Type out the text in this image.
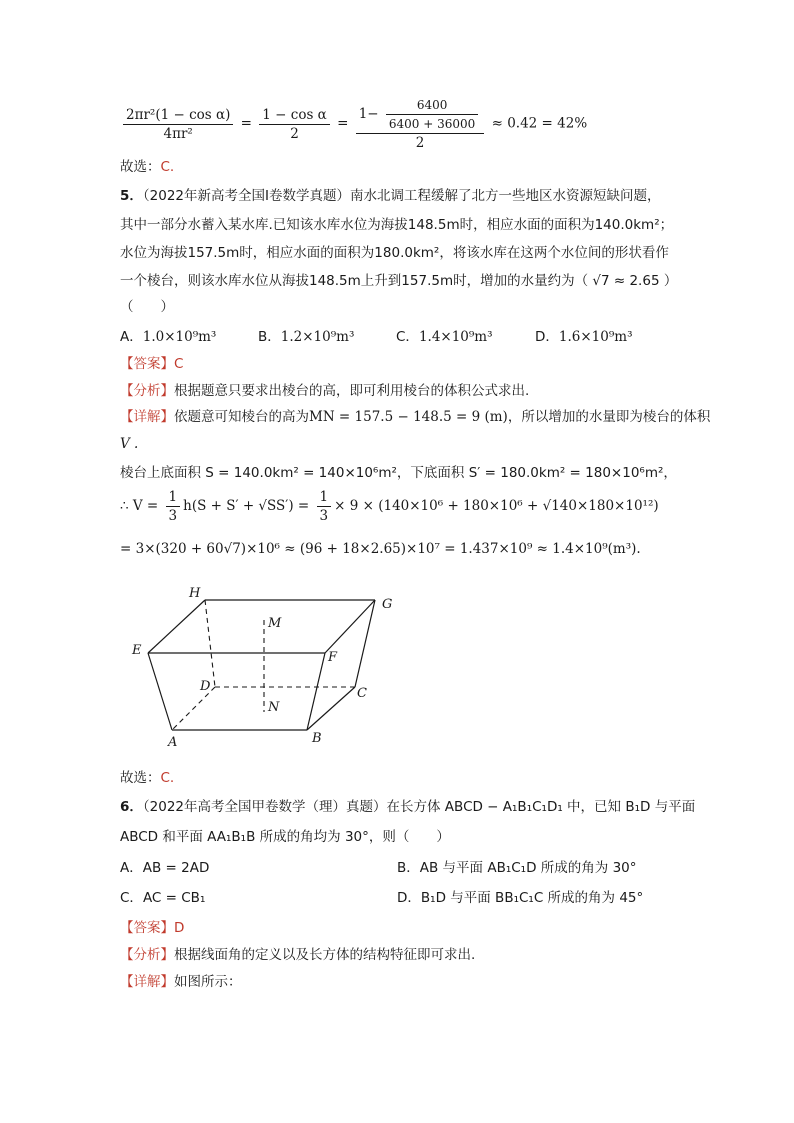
$\frac{\text{2πr²(1 − cos α)}}{\text{4πr²}} = \frac{\text{1 − cos α}}{2} = \frac{1- \frac{6400}{6400 + 36000}}{2} \approx 0.42 = 42\%$
故选：C.
5．（2022年新高考全国I卷数学真题）南水北调工程缓解了北方一些地区水资源短缺问题，
其中一部分水蓄入某水库.已知该水库水位为海拔148.5m时，相应水面的面积为140.0km²；
水位为海拔157.5m时，相应水面的面积为180.0km²，将该水库在这两个水位间的形状看作
一个棱台，则该水库水位从海拔148.5m上升到157.5m时，增加的水量约为（ √7 ≈ 2.65 ）
（　　）
A．1.0×10⁹m³	B．1.2×10⁹m³	C．1.4×10⁹m³	D．1.6×10⁹m³
【答案】C
【分析】根据题意只要求出棱台的高，即可利用棱台的体积公式求出.
【详解】依题意可知棱台的高为MN = 157.5 − 148.5 = 9 (m)，所以增加的水量即为棱台的体积
V .
棱台上底面积 S = 140.0km² = 140×10⁶m²，下底面积 S′ = 180.0km² = 180×10⁶m²，
∴ $V = \frac{1}{3} h(S + S' + √SS') = \frac{1}{3} \times 9 \times (140\times 10^6 + 180\times 10^6 + √140\times 180\times 10^{12})$
= 3×(320 + 60√7)×10⁶ ≈ (96 + 18×2.65)×10⁷ = 1.437×10⁹ ≈ 1.4×10⁹(m³).
H
G
M
E	F
D	C
N
A	B
故选：C.
6．（2022年高考全国甲卷数学（理）真题）在长方体 ABCD − A₁B₁C₁D₁ 中，已知 B₁D 与平面
ABCD 和平面 AA₁B₁B 所成的角均为 30°，则（　　）
A．AB = 2AD	B．AB 与平面 AB₁C₁D 所成的角为 30°
C．AC = CB₁	D．B₁D 与平面 BB₁C₁C 所成的角为 45°
【答案】D
【分析】根据线面角的定义以及长方体的结构特征即可求出.
【详解】如图所示：
